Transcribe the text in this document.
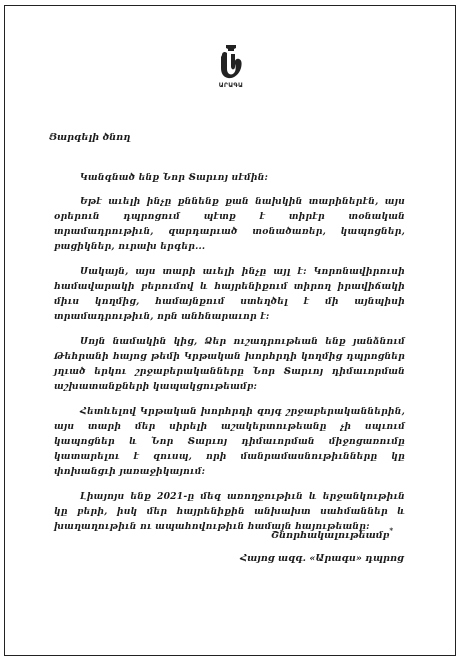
ԱՐԱԳԱ
Յարգելի ծնող

Կանգնած ենք Նոր Տարւոյ սէմին:

Եթէ աւելի ինչը քննենք քան նախկին տարիներէն, այս օրերուն դպրոցում պէտք է տիրէր տօնական տրամադրութիւն, զարդարւած տօնածառեր, կապոցներ, բացիկներ, ուրախ երգեր...

Սակայն, այս տարի աւելի ինչը այլ է: Կորոնավիրուսի համավարակի բերումով և հայրենիքում տիրող իրավիճակի միւս կողմից, համայնքում ստեղծել է մի այնպիսի տրամադրութիւն, որն անհնարաւոր է:

Սոյն նամակին կից, Ձեր ուշադրութեան ենք յանձնում Թեհրանի հայոց թեմի Կրթական խորհրդի կողմից դպրոցներ յղւած երկու շրջաբերականները Նոր Տարւոյ դիմաւորման աշխատանքների կապակցութեամբ:

Հետևելով Կրթական խորհրդի զոյգ շրջաբերականներին, այս տարի մեր սիրելի աշակերտութեանը չի սպւում կապոցներ և Նոր Տարւոյ դիմաւորման միջոցառումը կատարելու է զուսպ, որի մանրամասնութիւնները կը փոխանցւի յառաջիկայում:

Լիայոյս ենք 2021-ը մեզ առողջութիւն և երջանկութիւն կը բերի, իսկ մեր հայրենիքին անխախտ սահմաններ և խաղաղութիւն ու ապահովութիւն համայն հայութեանը:

Շնորհակալութեամբ*
Հայոց ազգ. «Արագս» դպրոց
